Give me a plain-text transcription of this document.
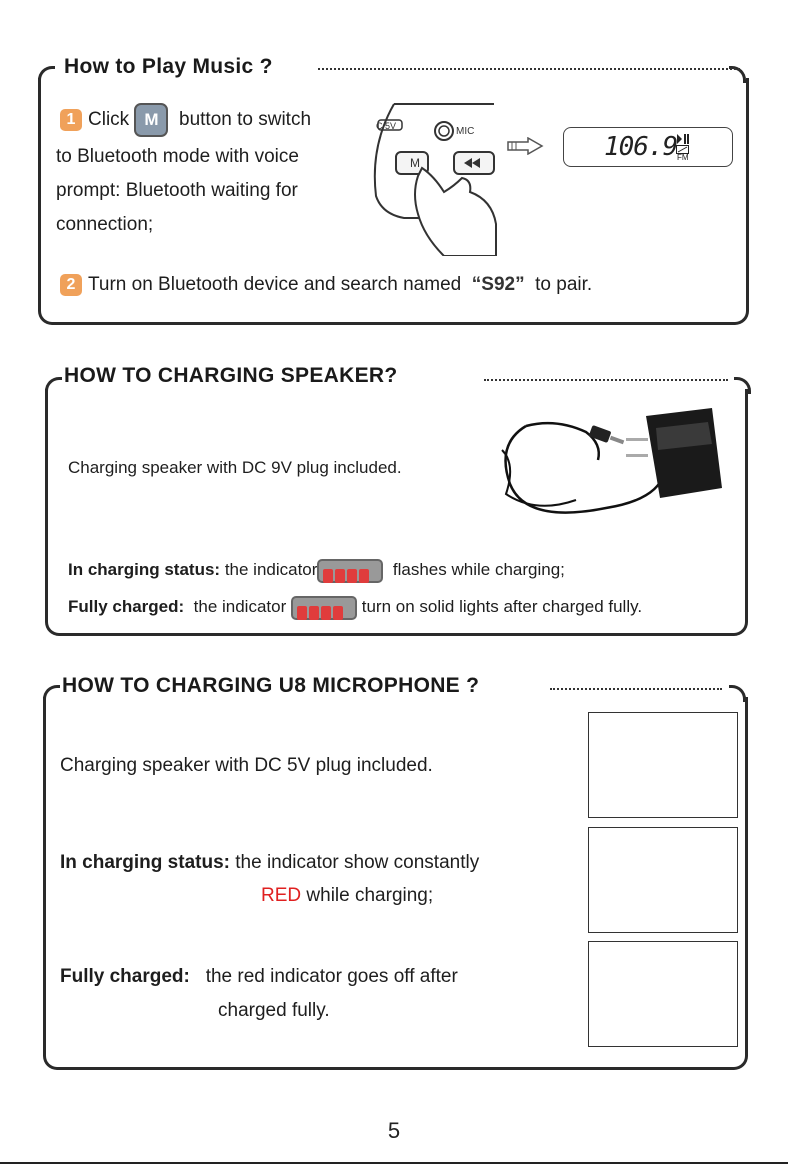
How to Play Music ?
1 Click M button to switch
to Bluetooth mode with voice
prompt: Bluetooth waiting for
connection;
C 5V	MIC
M
106.9 FM
2 Turn on Bluetooth device and search named “S92” to pair.
HOW TO CHARGING SPEAKER?
Charging speaker with DC 9V plug included.
In charging status: the indicator	flashes while charging;
Fully charged: the indicator	turn on solid lights after charged fully.
HOW TO CHARGING U8 MICROPHONE ?
Charging speaker with DC 5V plug included.
In charging status: the indicator show constantly
RED while charging;
Fully charged: the red indicator goes off after
charged fully.
5
